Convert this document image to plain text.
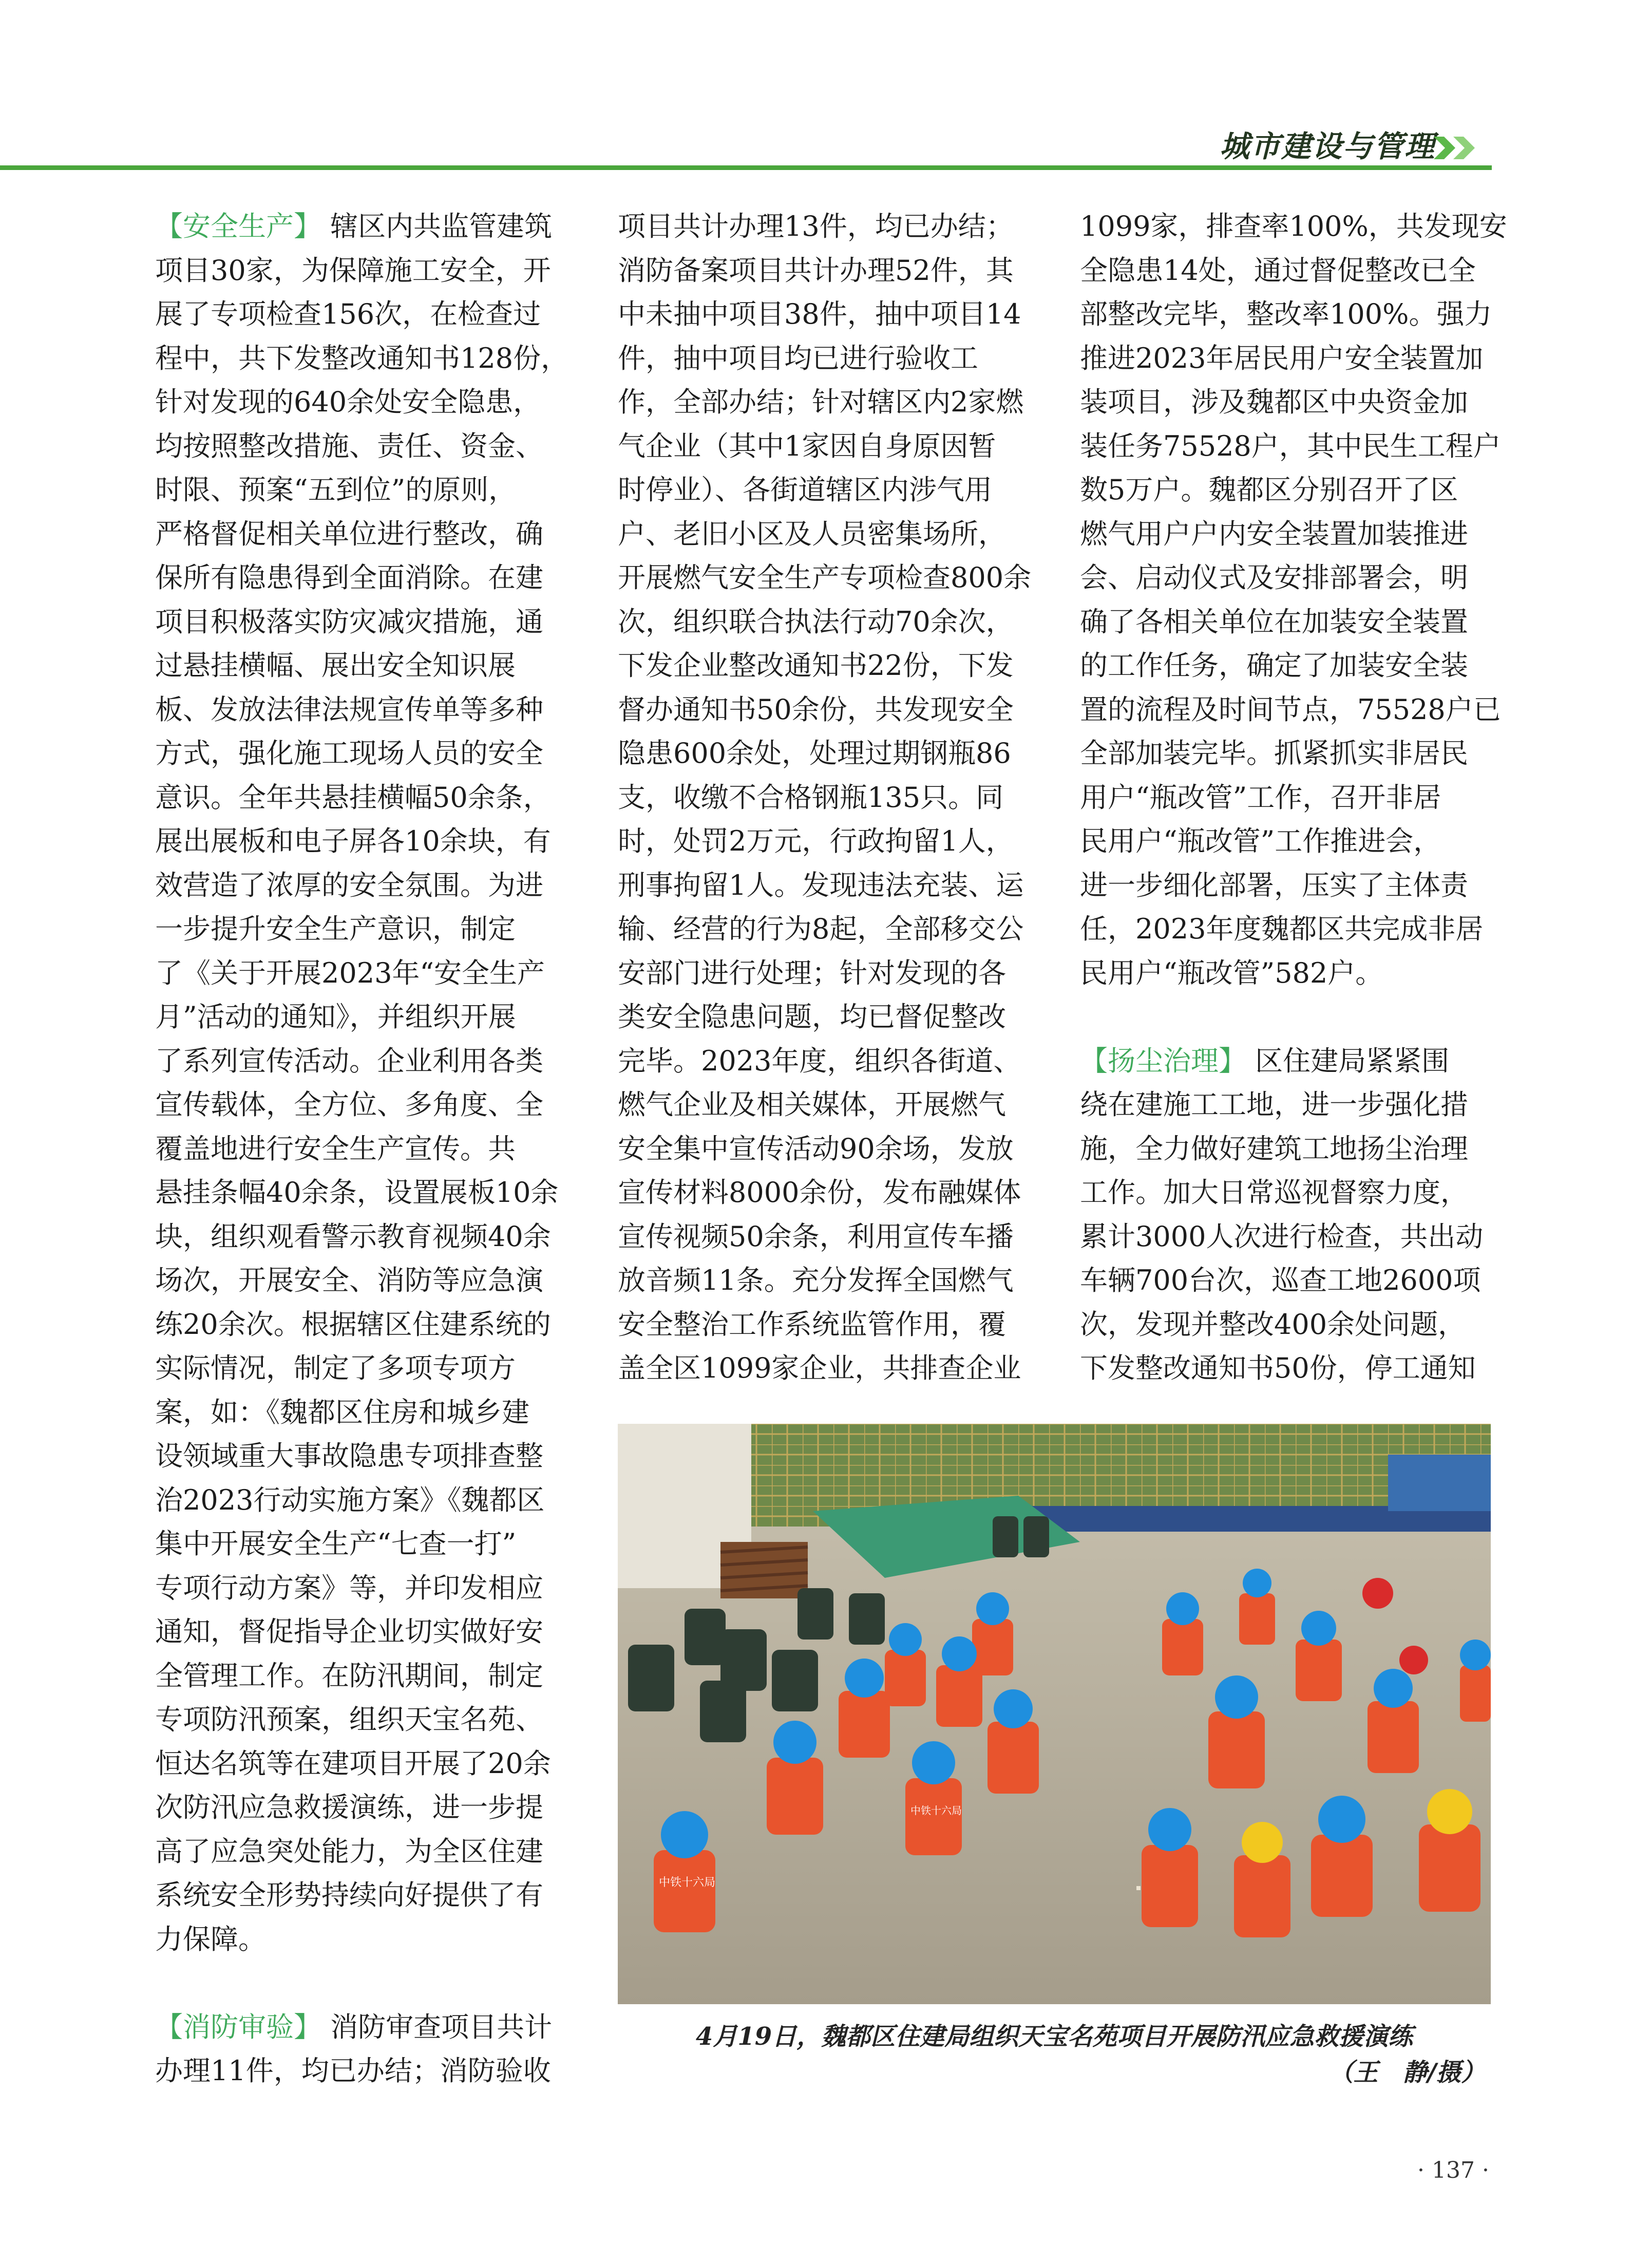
城市建设与管理
【安全生产】 辖区内共监管建筑
项目30家，为保障施工安全，开
展了专项检查156次，在检查过
程中，共下发整改通知书128份，
针对发现的640余处安全隐患，
均按照整改措施、责任、资金、
时限、预案“五到位”的原则，
严格督促相关单位进行整改，确
保所有隐患得到全面消除。在建
项目积极落实防灾减灾措施，通
过悬挂横幅、展出安全知识展
板、发放法律法规宣传单等多种
方式，强化施工现场人员的安全
意识。全年共悬挂横幅50余条，
展出展板和电子屏各10余块，有
效营造了浓厚的安全氛围。为进
一步提升安全生产意识，制定
了《关于开展2023年“安全生产
月”活动的通知》，并组织开展
了系列宣传活动。企业利用各类
宣传载体，全方位、多角度、全
覆盖地进行安全生产宣传。共
悬挂条幅40余条，设置展板10余
块，组织观看警示教育视频40余
场次，开展安全、消防等应急演
练20余次。根据辖区住建系统的
实际情况，制定了多项专项方
案，如：《魏都区住房和城乡建
设领域重大事故隐患专项排查整
治2023行动实施方案》《魏都区
集中开展安全生产“七查一打”
专项行动方案》等，并印发相应
通知，督促指导企业切实做好安
全管理工作。在防汛期间，制定
专项防汛预案，组织天宝名苑、
恒达名筑等在建项目开展了20余
次防汛应急救援演练，进一步提
高了应急突处能力，为全区住建
系统安全形势持续向好提供了有
力保障。
【消防审验】 消防审查项目共计
办理11件，均已办结；消防验收
项目共计办理13件，均已办结；
消防备案项目共计办理52件，其
中未抽中项目38件，抽中项目14
件，抽中项目均已进行验收工
作，全部办结；针对辖区内2家燃
气企业（其中1家因自身原因暂
时停业）、各街道辖区内涉气用
户、老旧小区及人员密集场所，
开展燃气安全生产专项检查800余
次，组织联合执法行动70余次，
下发企业整改通知书22份，下发
督办通知书50余份，共发现安全
隐患600余处，处理过期钢瓶86
支，收缴不合格钢瓶135只。同
时，处罚2万元，行政拘留1人，
刑事拘留1人。发现违法充装、运
输、经营的行为8起，全部移交公
安部门进行处理；针对发现的各
类安全隐患问题，均已督促整改
完毕。2023年度，组织各街道、
燃气企业及相关媒体，开展燃气
安全集中宣传活动90余场，发放
宣传材料8000余份，发布融媒体
宣传视频50余条，利用宣传车播
放音频11条。充分发挥全国燃气
安全整治工作系统监管作用，覆
盖全区1099家企业，共排查企业
1099家，排查率100%，共发现安
全隐患14处，通过督促整改已全
部整改完毕，整改率100%。强力
推进2023年居民用户安全装置加
装项目，涉及魏都区中央资金加
装任务75528户，其中民生工程户
数5万户。魏都区分别召开了区
燃气用户户内安全装置加装推进
会、启动仪式及安排部署会，明
确了各相关单位在加装安全装置
的工作任务，确定了加装安全装
置的流程及时间节点，75528户已
全部加装完毕。抓紧抓实非居民
用户“瓶改管”工作，召开非居
民用户“瓶改管”工作推进会，
进一步细化部署，压实了主体责
任，2023年度魏都区共完成非居
民用户“瓶改管”582户。
【扬尘治理】 区住建局紧紧围
绕在建施工工地，进一步强化措
施，全力做好建筑工地扬尘治理
工作。加大日常巡视督察力度，
累计3000人次进行检查，共出动
车辆700台次，巡查工地2600项
次，发现并整改400余处问题，
下发整改通知书50份，停工通知
中铁十六局
中铁十六局
4月19日，魏都区住建局组织天宝名苑项目开展防汛应急救援演练
（王　静/摄）
· 137 ·
